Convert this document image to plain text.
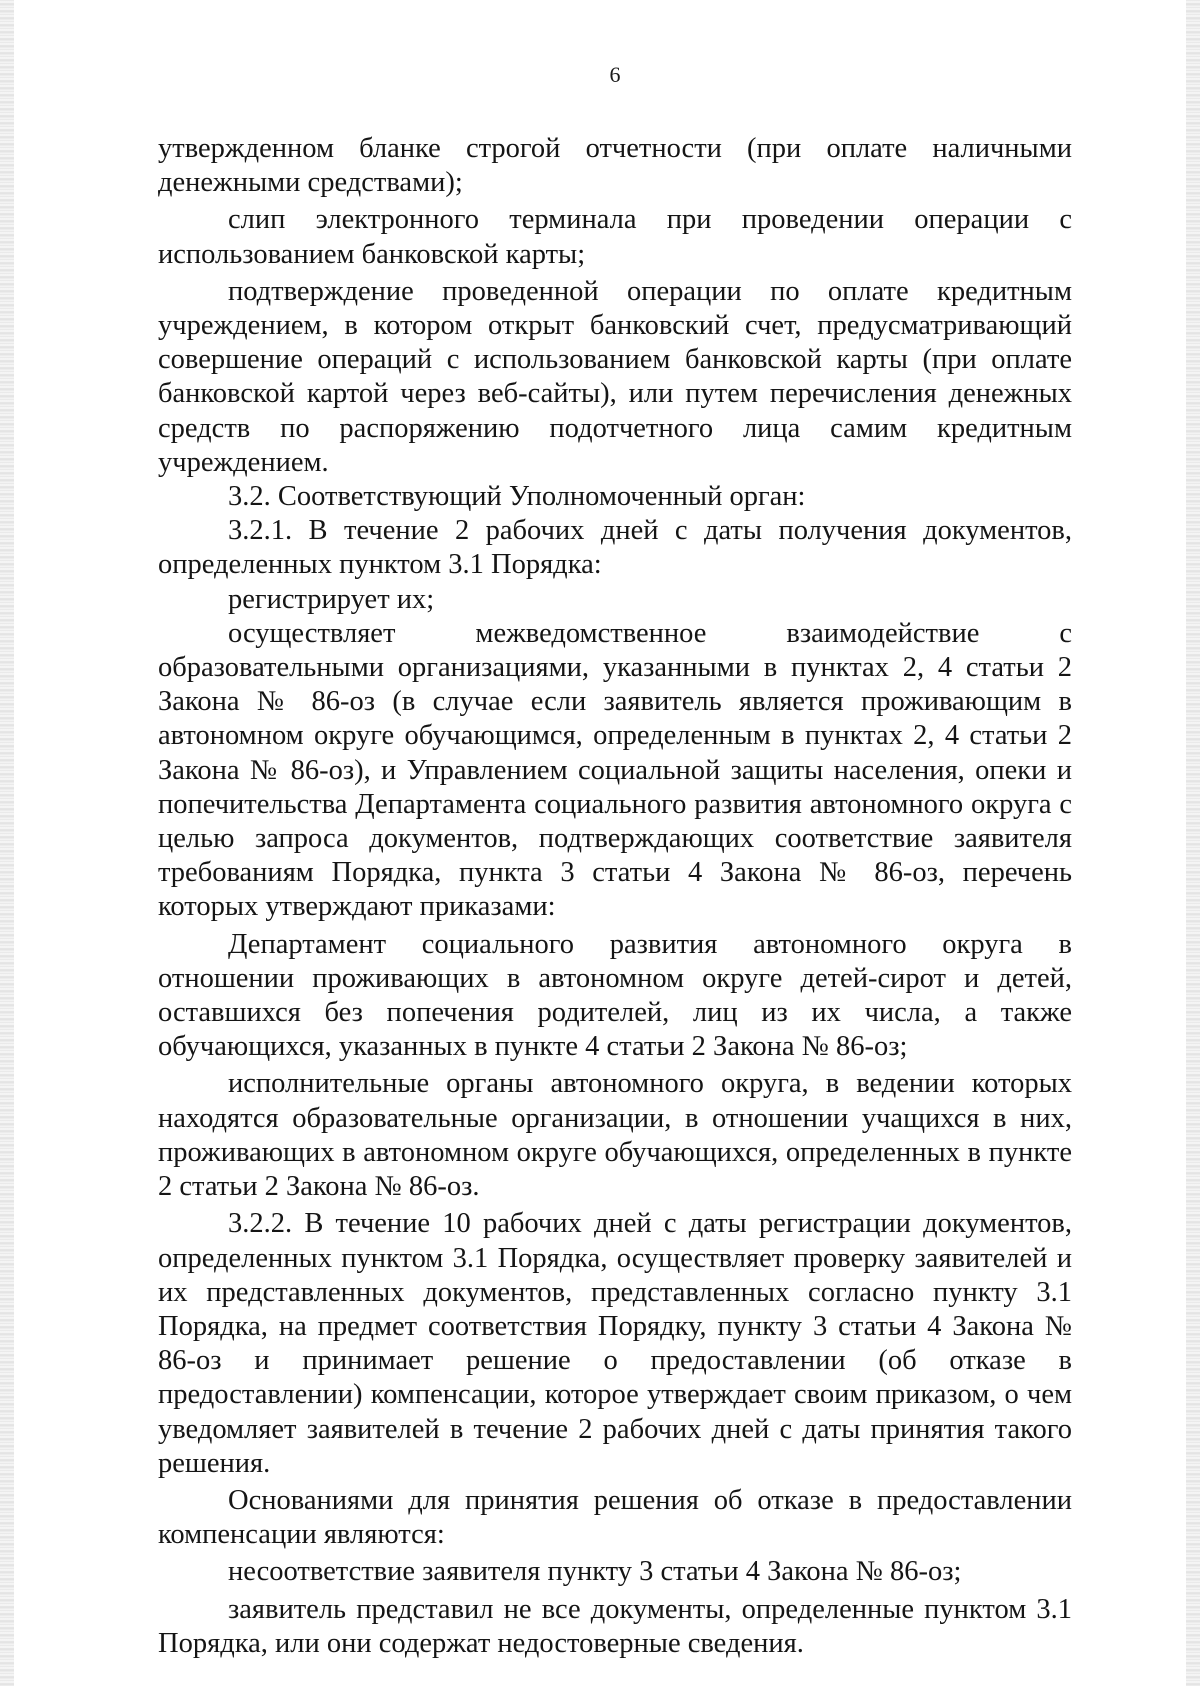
6

утвержденном бланке строгой отчетности (при оплате наличными денежными средствами);

слип электронного терминала при проведении операции с использованием банковской карты;

подтверждение проведенной операции по оплате кредитным учреждением, в котором открыт банковский счет, предусматривающий совершение операций с использованием банковской карты (при оплате банковской картой через веб-сайты), или путем перечисления денежных средств по распоряжению подотчетного лица самим кредитным учреждением.

3.2. Соответствующий Уполномоченный орган:

3.2.1. В течение 2 рабочих дней с даты получения документов, определенных пунктом 3.1 Порядка:

регистрирует их;

осуществляет межведомственное взаимодействие с образовательными организациями, указанными в пунктах 2, 4 статьи 2 Закона № 86-оз (в случае если заявитель является проживающим в автономном округе обучающимся, определенным в пунктах 2, 4 статьи 2 Закона № 86-оз), и Управлением социальной защиты населения, опеки и попечительства Департамента социального развития автономного округа с целью запроса документов, подтверждающих соответствие заявителя требованиям Порядка, пункта 3 статьи 4 Закона № 86-оз, перечень которых утверждают приказами:

Департамент социального развития автономного округа в отношении проживающих в автономном округе детей-сирот и детей, оставшихся без попечения родителей, лиц из их числа, а также обучающихся, указанных в пункте 4 статьи 2 Закона № 86-оз;

исполнительные органы автономного округа, в ведении которых находятся образовательные организации, в отношении учащихся в них, проживающих в автономном округе обучающихся, определенных в пункте 2 статьи 2 Закона № 86-оз.

3.2.2. В течение 10 рабочих дней с даты регистрации документов, определенных пунктом 3.1 Порядка, осуществляет проверку заявителей и их представленных документов, представленных согласно пункту 3.1 Порядка, на предмет соответствия Порядку, пункту 3 статьи 4 Закона № 86-оз и принимает решение о предоставлении (об отказе в предоставлении) компенсации, которое утверждает своим приказом, о чем уведомляет заявителей в течение 2 рабочих дней с даты принятия такого решения.

Основаниями для принятия решения об отказе в предоставлении компенсации являются:

несоответствие заявителя пункту 3 статьи 4 Закона № 86-оз;

заявитель представил не все документы, определенные пунктом 3.1 Порядка, или они содержат недостоверные сведения.
